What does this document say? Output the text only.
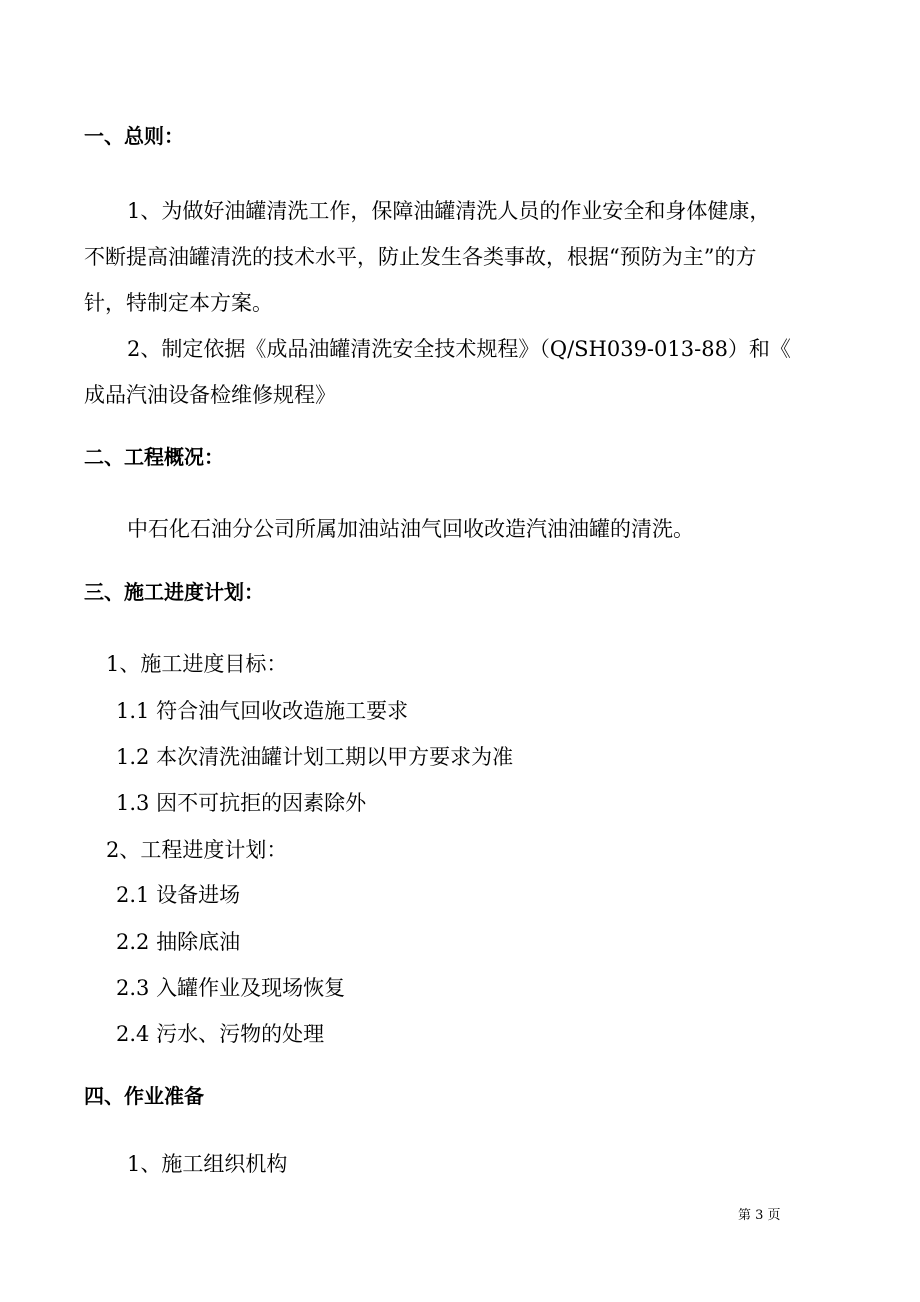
一、总则：
1、为做好油罐清洗工作，保障油罐清洗人员的作业安全和身体健康，
不断提高油罐清洗的技术水平，防止发生各类事故，根据“预防为主”的方
针，特制定本方案。
2、制定依据《成品油罐清洗安全技术规程》（Q/SH039-013-88）和《
成品汽油设备检维修规程》
二、工程概况：
中石化石油分公司所属加油站油气回收改造汽油油罐的清洗。
三、施工进度计划：
1、施工进度目标：
1.1 符合油气回收改造施工要求
1.2 本次清洗油罐计划工期以甲方要求为准
1.3 因不可抗拒的因素除外
2、工程进度计划：
2.1 设备进场
2.2 抽除底油
2.3 入罐作业及现场恢复
2.4 污水、污物的处理
四、作业准备
1、施工组织机构
第 3 页
